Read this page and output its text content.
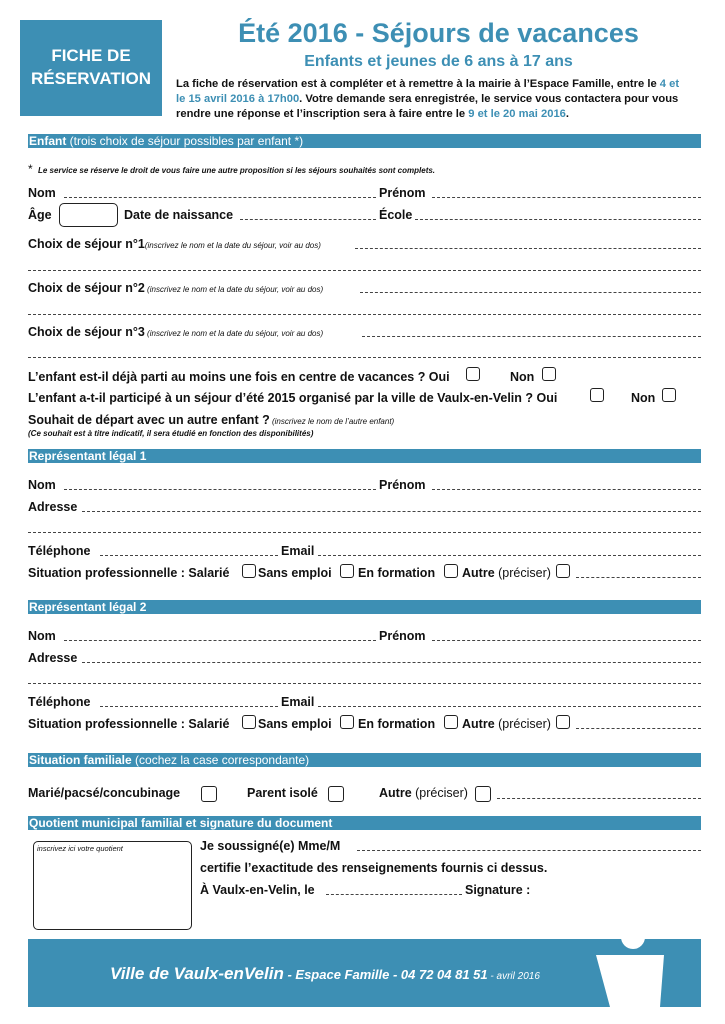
FICHE DE
RÉSERVATION
Été 2016 - Séjours de vacances
Enfants et jeunes de 6 ans à 17 ans
La fiche de réservation est à compléter et à remettre à la mairie à l’Espace Famille, entre le 4 et
le 15 avril 2016 à 17h00. Votre demande sera enregistrée, le service vous contactera pour vous
rendre une réponse et l’inscription sera à faire entre le 9 et le 20 mai 2016.
Enfant (trois choix de séjour possibles par enfant *)
* Le service se réserve le droit de vous faire une autre proposition si les séjours souhaités sont complets.
Nom	Prénom
Âge	Date de naissance	École
Choix de séjour n°1(inscrivez le nom et la date du séjour, voir au dos)
Choix de séjour n°2 (inscrivez le nom et la date du séjour, voir au dos)
Choix de séjour n°3 (inscrivez le nom et la date du séjour, voir au dos)
L’enfant est-il déjà parti au moins une fois en centre de vacances ? Oui	Non
L’enfant a-t-il participé à un séjour d’été 2015 organisé par la ville de Vaulx-en-Velin ? Oui	Non
Souhait de départ avec un autre enfant ? (inscrivez le nom de l’autre enfant)
(Ce souhait est à titre indicatif, il sera étudié en fonction des disponibilités)
Représentant légal 1
Nom	Prénom
Adresse
Téléphone	Email
Situation professionnelle : Salarié Sans emploi En formation Autre (préciser)
Représentant légal 2
Nom	Prénom
Adresse
Téléphone	Email
Situation professionnelle : Salarié Sans emploi En formation Autre (préciser)
Situation familiale (cochez la case correspondante)
Marié/pacsé/concubinage	Parent isolé	Autre (préciser)
Quotient municipal familial et signature du document
inscrivez ici votre quotient	Je soussigné(e) Mme/M
certifie l’exactitude des renseignements fournis ci dessus.
À Vaulx-en-Velin, le	Signature :
Ville de Vaulx-enVelin - Espace Famille - 04 72 04 81 51 - avril 2016
